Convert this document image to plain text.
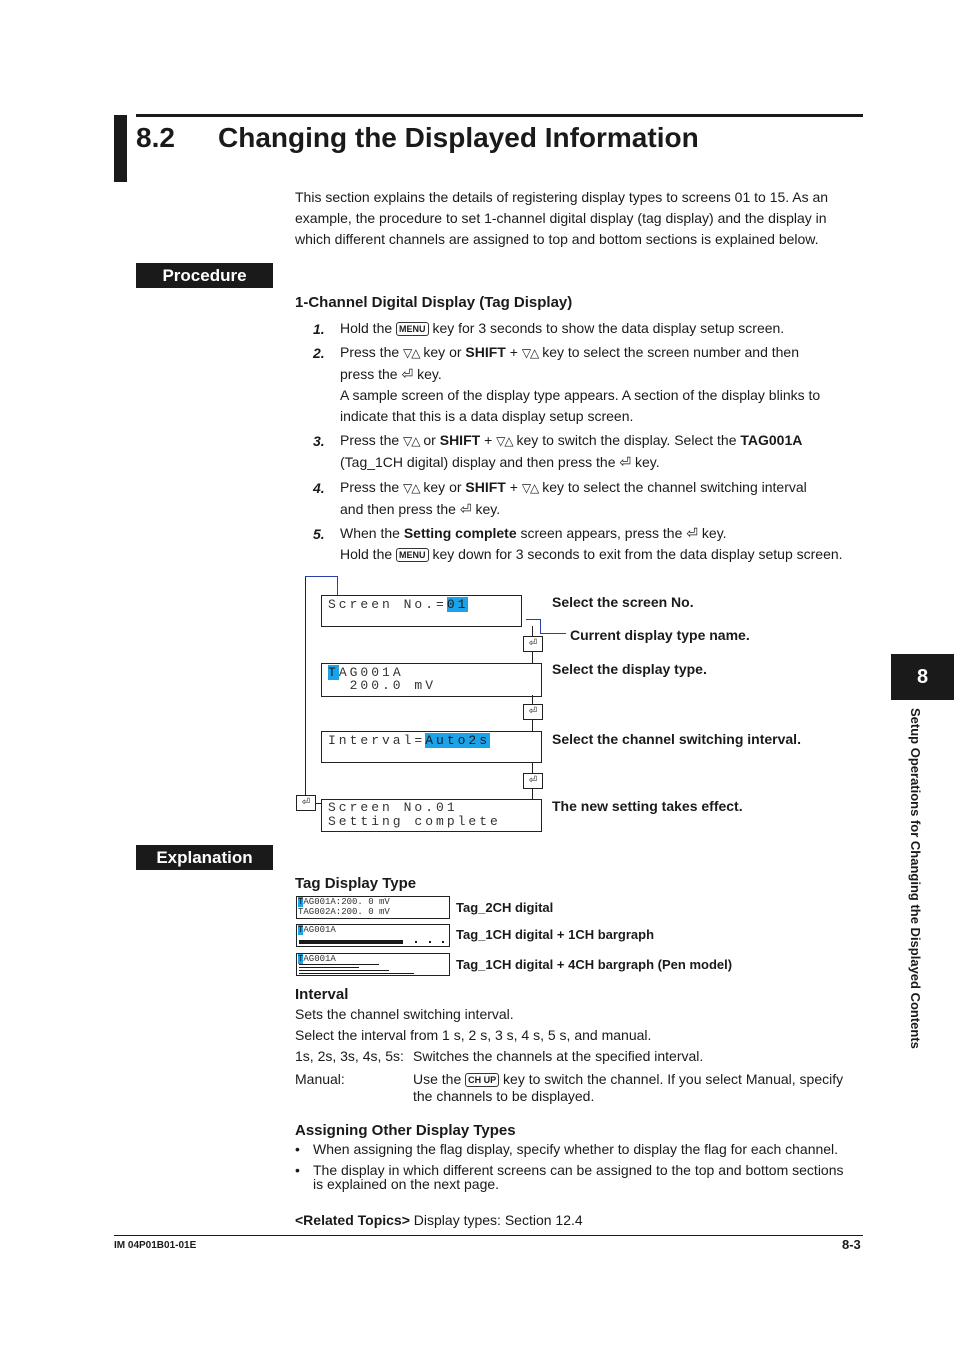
8.2 Changing the Displayed Information
This section explains the details of registering display types to screens 01 to 15. As an example, the procedure to set 1-channel digital display (tag display) and the display in which different channels are assigned to top and bottom sections is explained below.
Procedure
1-Channel Digital Display (Tag Display)
1. Hold the MENU key for 3 seconds to show the data display setup screen.
2. Press the ▽△ key or SHIFT + ▽△ key to select the screen number and then
press the ⏎ key.
A sample screen of the display type appears. A section of the display blinks to
indicate that this is a data display setup screen.
3. Press the ▽△ or SHIFT + ▽△ key to switch the display. Select the TAG001A
(Tag_1CH digital) display and then press the ⏎ key.
4. Press the ▽△ key or SHIFT + ▽△ key to select the channel switching interval
and then press the ⏎ key.
5. When the Setting complete screen appears, press the ⏎ key.
Hold the MENU key down for 3 seconds to exit from the data display setup screen.
Screen No.=01
⏎
TAG001A
200.0 mV
⏎
Interval=Auto2s
⏎
⏎	Screen No.01
Setting complete
Select the screen No.
Current display type name.
Select the display type.
Select the channel switching interval.
The new setting takes effect.
Explanation
Tag Display Type
TAG001A:200. 0 mV
TAG002A:200. 0 mV	Tag_2CH digital
TAG001A	Tag_1CH digital + 1CH bargraph
TAG001A	Tag_1CH digital + 4CH bargraph (Pen model)
Interval
Sets the channel switching interval.
Select the interval from 1 s, 2 s, 3 s, 4 s, 5 s, and manual.
1s, 2s, 3s, 4s, 5s: Switches the channels at the specified interval.
Manual:	Use the CH UP key to switch the channel. If you select Manual, specify
the channels to be displayed.
Assigning Other Display Types
• When assigning the flag display, specify whether to display the flag for each channel.
• The display in which different screens can be assigned to the top and bottom sections
is explained on the next page.
<Related Topics> Display types: Section 12.4
8
Setup Operations for Changing the Displayed Contents
IM 04P01B01-01E	8-3
